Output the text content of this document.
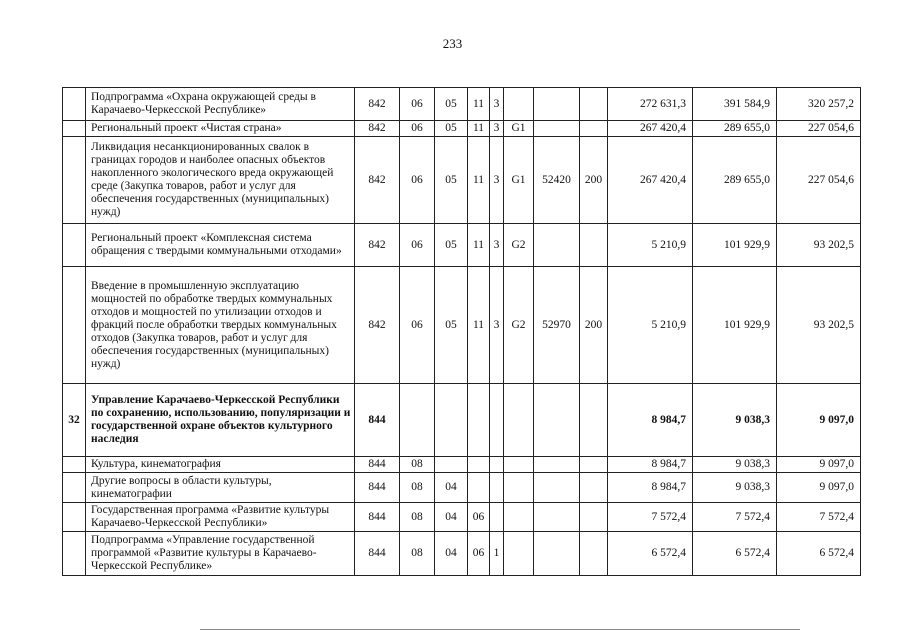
233
	Подпрограмма «Охрана окружающей среды в Карачаево-Черкесской Республике»	842	06	05	11	3				272 631,3	391 584,9	320 257,2
	Региональный проект «Чистая страна»	842	06	05	11	3	G1			267 420,4	289 655,0	227 054,6
	Ликвидация несанкционированных свалок в границах городов и наиболее опасных объектов накопленного экологического вреда окружающей среде (Закупка товаров, работ и услуг для обеспечения государственных (муниципальных) нужд)	842	06	05	11	3	G1	52420	200	267 420,4	289 655,0	227 054,6
	Региональный проект «Комплексная система обращения с твердыми коммунальными отходами»	842	06	05	11	3	G2			5 210,9	101 929,9	93 202,5
	Введение в промышленную эксплуатацию мощностей по обработке твердых коммунальных отходов и мощностей по утилизации отходов и фракций после обработки твердых коммунальных отходов (Закупка товаров, работ и услуг для обеспечения государственных (муниципальных) нужд)	842	06	05	11	3	G2	52970	200	5 210,9	101 929,9	93 202,5
32	Управление Карачаево-Черкесской Республики по сохранению, использованию, популяризации и государственной охране объектов культурного наследия	844								8 984,7	9 038,3	9 097,0
	Культура, кинематография	844	08							8 984,7	9 038,3	9 097,0
	Другие вопросы в области культуры, кинематографии	844	08	04						8 984,7	9 038,3	9 097,0
	Государственная программа «Развитие культуры Карачаево-Черкесской Республики»	844	08	04	06					7 572,4	7 572,4	7 572,4
	Подпрограмма «Управление государственной программой «Развитие культуры в Карачаево-Черкесской Республике»	844	08	04	06	1				6 572,4	6 572,4	6 572,4
